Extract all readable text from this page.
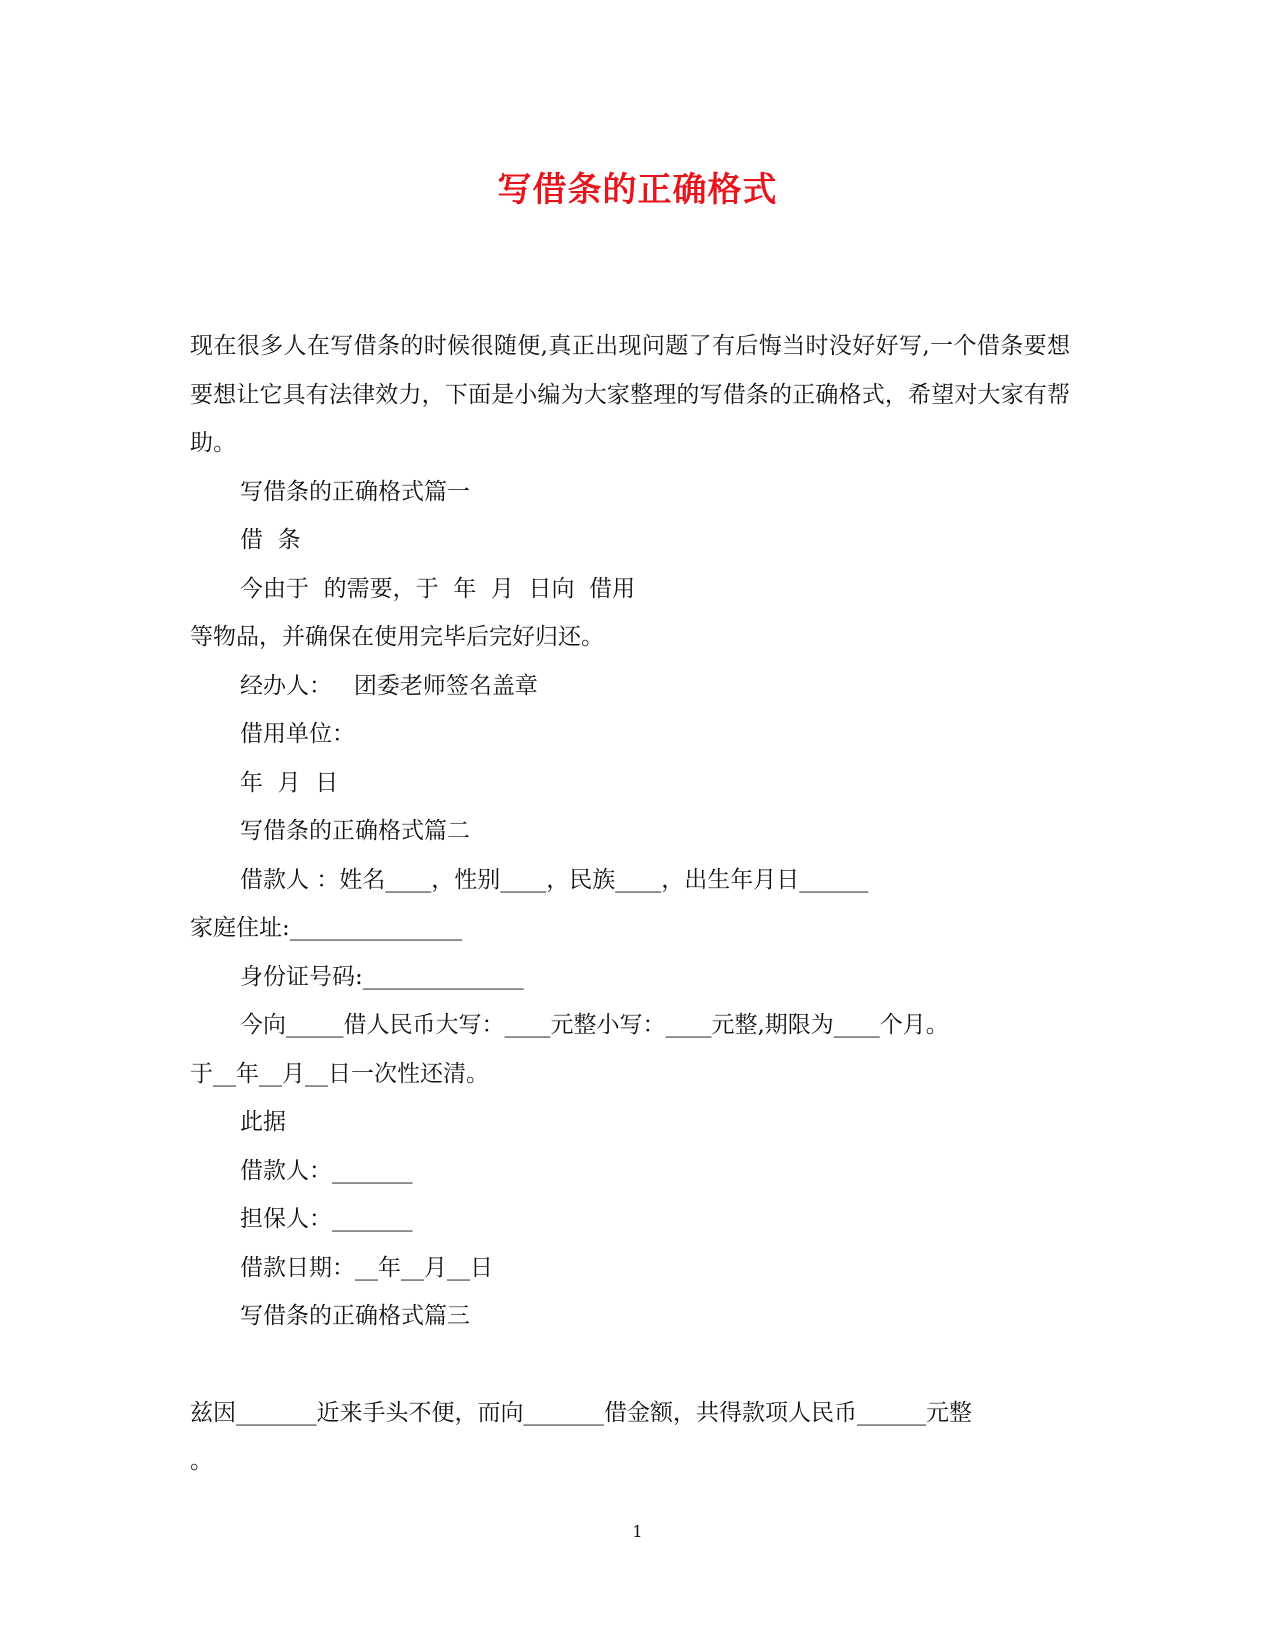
写借条的正确格式

现在很多人在写借条的时候很随便,真正出现问题了有后悔当时没好好写,一个借条要想要想让它具有法律效力，下面是小编为大家整理的写借条的正确格式，希望对大家有帮助。

写借条的正确格式篇一

借  条

今由于  的需要，于  年  月  日向  借用

等物品，并确保在使用完毕后完好归还。

经办人：   团委老师签名盖章

借用单位：

年  月  日

写借条的正确格式篇二

借款人 ：姓名____，性别____，民族____，出生年月日______

家庭住址:_______________

身份证号码:______________

今向_____借人民币大写：____元整小写：____元整,期限为____个月。

于__年__月__日一次性还清。

此据

借款人：_______

担保人：_______

借款日期：__年__月__日

写借条的正确格式篇三

兹因_______近来手头不便，而向_______借金额，共得款项人民币______元整

。

1
